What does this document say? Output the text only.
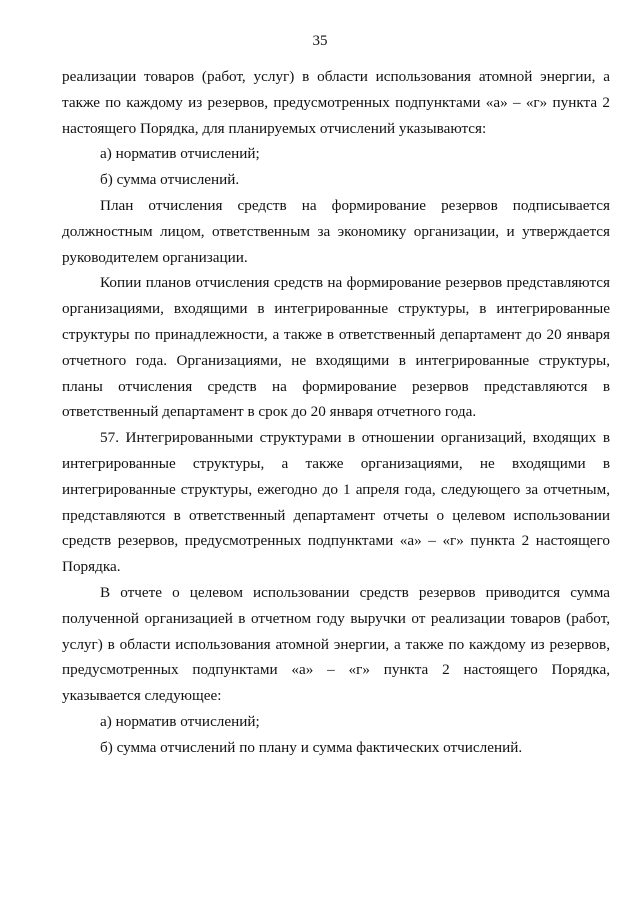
35

реализации товаров (работ, услуг) в области использования атомной энергии, а также по каждому из резервов, предусмотренных подпунктами «а» – «г» пункта 2 настоящего Порядка, для планируемых отчислений указываются:

а) норматив отчислений;

б) сумма отчислений.

План отчисления средств на формирование резервов подписывается должностным лицом, ответственным за экономику организации, и утверждается руководителем организации.

Копии планов отчисления средств на формирование резервов представляются организациями, входящими в интегрированные структуры, в интегрированные структуры по принадлежности, а также в ответственный департамент до 20 января отчетного года. Организациями, не входящими в интегрированные структуры, планы отчисления средств на формирование резервов представляются в ответственный департамент в срок до 20 января отчетного года.

57. Интегрированными структурами в отношении организаций, входящих в интегрированные структуры, а также организациями, не входящими в интегрированные структуры, ежегодно до 1 апреля года, следующего за отчетным, представляются в ответственный департамент отчеты о целевом использовании средств резервов, предусмотренных подпунктами «а» – «г» пункта 2 настоящего Порядка.

В отчете о целевом использовании средств резервов приводится сумма полученной организацией в отчетном году выручки от реализации товаров (работ, услуг) в области использования атомной энергии, а также по каждому из резервов, предусмотренных подпунктами «а» – «г» пункта 2 настоящего Порядка, указывается следующее:

а) норматив отчислений;

б) сумма отчислений по плану и сумма фактических отчислений.
